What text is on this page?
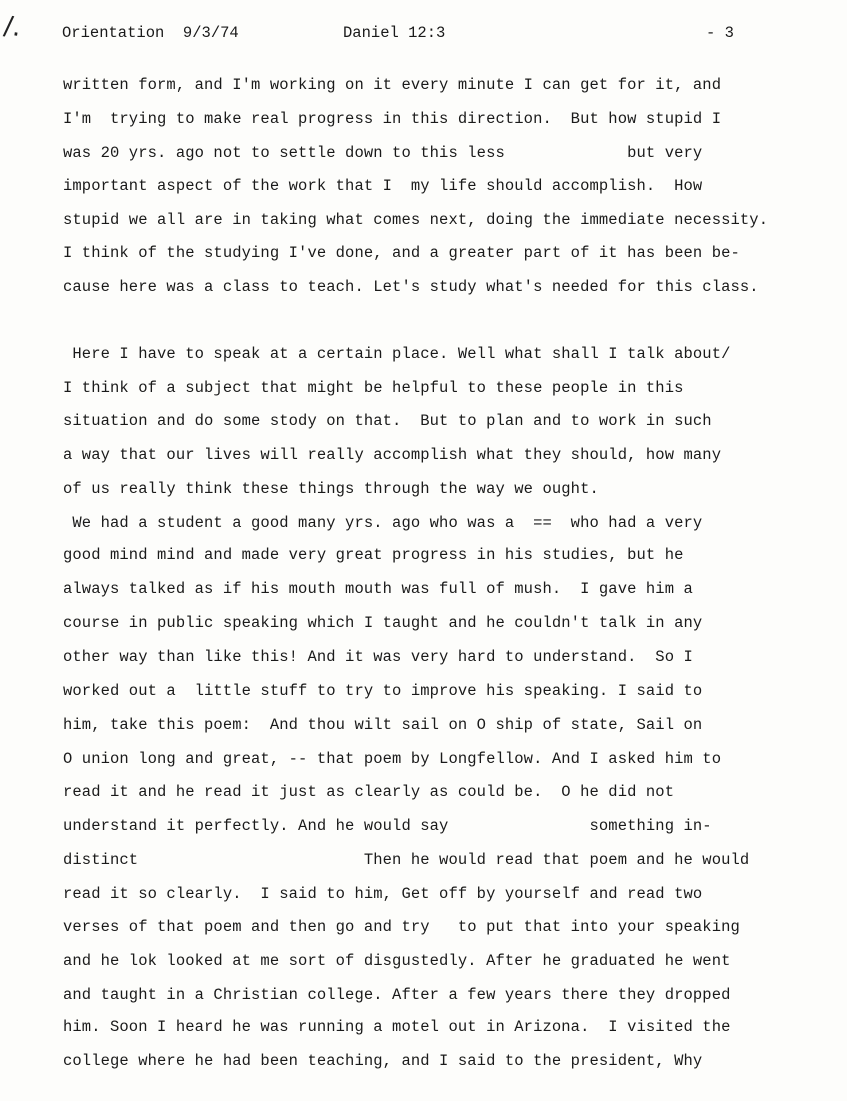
/.	Orientation  9/3/74	Daniel 12:3	- 3
written form, and I'm working on it every minute I can get for it, and
I'm  trying to make real progress in this direction.  But how stupid I
was 20 yrs. ago not to settle down to this less             but very
important aspect of the work that I  my life should accomplish.  How
stupid we all are in taking what comes next, doing the immediate necessity.
I think of the studying I've done, and a greater part of it has been be-
cause here was a class to teach. Let's study what's needed for this class.
Here I have to speak at a certain place. Well what shall I talk about/
I think of a subject that might be helpful to these people in this
situation and do some stody on that.  But to plan and to work in such
a way that our lives will really accomplish what they should, how many
of us really think these things through the way we ought.
We had a student a good many yrs. ago who was a  ==  who had a very
good mind mind and made very great progress in his studies, but he
always talked as if his mouth mouth was full of mush.  I gave him a
course in public speaking which I taught and he couldn't talk in any
other way than like this! And it was very hard to understand.  So I
worked out a  little stuff to try to improve his speaking. I said to
him, take this poem:  And thou wilt sail on O ship of state, Sail on
O union long and great, -- that poem by Longfellow. And I asked him to
read it and he read it just as clearly as could be.  O he did not
understand it perfectly. And he would say               something in-
distinct                        Then he would read that poem and he would
read it so clearly.  I said to him, Get off by yourself and read two
verses of that poem and then go and try   to put that into your speaking
and he lok looked at me sort of disgustedly. After he graduated he went
and taught in a Christian college. After a few years there they dropped
him. Soon I heard he was running a motel out in Arizona.  I visited the
college where he had been teaching, and I said to the president, Why
